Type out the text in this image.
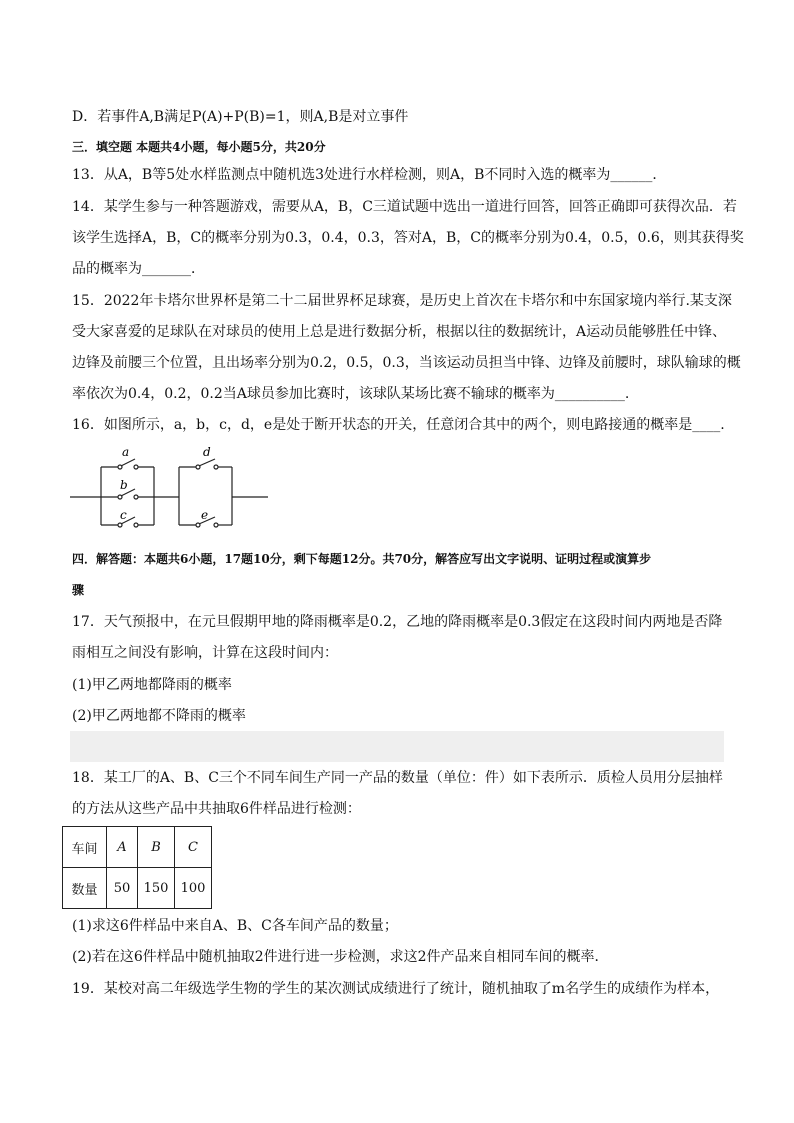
D．若事件A,B满足P(A)+P(B)=1，则A,B是对立事件
三．填空题 本题共4小题，每小题5分，共20分
13．从A，B等5处水样监测点中随机选3处进行水样检测，则A，B不同时入选的概率为______．
14．某学生参与一种答题游戏，需要从A，B，C三道试题中选出一道进行回答，回答正确即可获得次品．若
该学生选择A，B，C的概率分别为0.3，0.4，0.3，答对A，B，C的概率分别为0.4，0.5，0.6，则其获得奖
品的概率为_______．
15．2022年卡塔尔世界杯是第二十二届世界杯足球赛，是历史上首次在卡塔尔和中东国家境内举行.某支深
受大家喜爱的足球队在对球员的使用上总是进行数据分析，根据以往的数据统计，A运动员能够胜任中锋、
边锋及前腰三个位置，且出场率分别为0.2，0.5，0.3，当该运动员担当中锋、边锋及前腰时，球队输球的概
率依次为0.4，0.2，0.2当A球员参加比赛时，该球队某场比赛不输球的概率为__________.
16．如图所示，a，b，c，d，e是处于断开状态的开关，任意闭合其中的两个，则电路接通的概率是____.
a
b
c
d
e
四．解答题：本题共6小题，17题10分，剩下每题12分。共70分，解答应写出文字说明、证明过程或演算步
骤
17．天气预报中，在元旦假期甲地的降雨概率是0.2，乙地的降雨概率是0.3假定在这段时间内两地是否降
雨相互之间没有影响，计算在这段时间内：
(1)甲乙两地都降雨的概率
(2)甲乙两地都不降雨的概率
18．某工厂的A、B、C三个不同车间生产同一产品的数量（单位：件）如下表所示．质检人员用分层抽样
的方法从这些产品中共抽取6件样品进行检测：
车间	A	B	C
数量	50	150	100
(1)求这6件样品中来自A、B、C各车间产品的数量；
(2)若在这6件样品中随机抽取2件进行进一步检测，求这2件产品来自相同车间的概率．
19．某校对高二年级选学生物的学生的某次测试成绩进行了统计，随机抽取了m名学生的成绩作为样本，
